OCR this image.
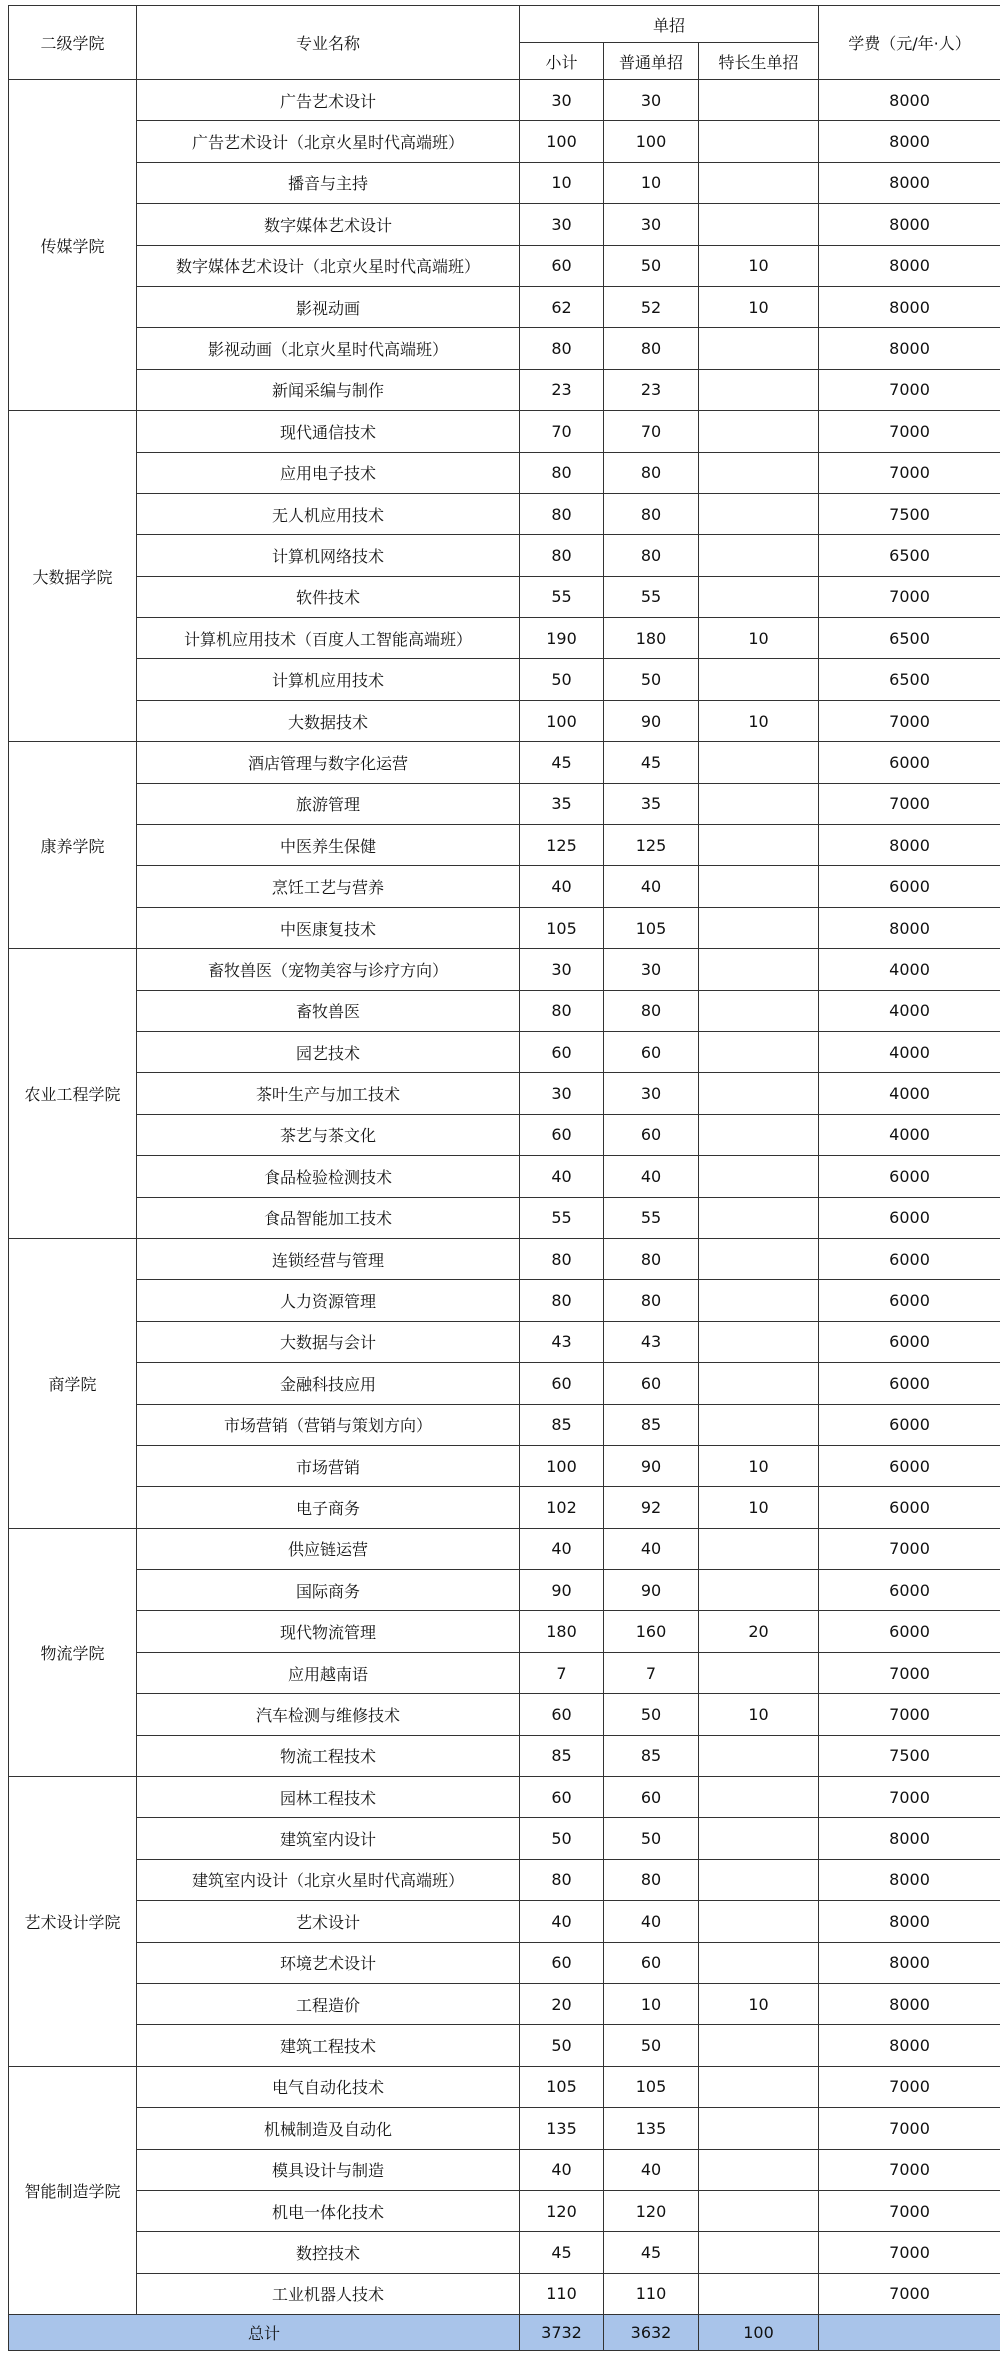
二级学院	专业名称	单招			学费（元/年·人）
		小计	普通单招	特长生单招	
传媒学院	广告艺术设计	30	30		8000
	广告艺术设计（北京火星时代高端班）	100	100		8000
	播音与主持	10	10		8000
	数字媒体艺术设计	30	30		8000
	数字媒体艺术设计（北京火星时代高端班）	60	50	10	8000
	影视动画	62	52	10	8000
	影视动画（北京火星时代高端班）	80	80		8000
	新闻采编与制作	23	23		7000
大数据学院	现代通信技术	70	70		7000
	应用电子技术	80	80		7000
	无人机应用技术	80	80		7500
	计算机网络技术	80	80		6500
	软件技术	55	55		7000
	计算机应用技术（百度人工智能高端班）	190	180	10	6500
	计算机应用技术	50	50		6500
	大数据技术	100	90	10	7000
康养学院	酒店管理与数字化运营	45	45		6000
	旅游管理	35	35		7000
	中医养生保健	125	125		8000
	烹饪工艺与营养	40	40		6000
	中医康复技术	105	105		8000
农业工程学院	畜牧兽医（宠物美容与诊疗方向）	30	30		4000
	畜牧兽医	80	80		4000
	园艺技术	60	60		4000
	茶叶生产与加工技术	30	30		4000
	茶艺与茶文化	60	60		4000
	食品检验检测技术	40	40		6000
	食品智能加工技术	55	55		6000
商学院	连锁经营与管理	80	80		6000
	人力资源管理	80	80		6000
	大数据与会计	43	43		6000
	金融科技应用	60	60		6000
	市场营销（营销与策划方向）	85	85		6000
	市场营销	100	90	10	6000
	电子商务	102	92	10	6000
物流学院	供应链运营	40	40		7000
	国际商务	90	90		6000
	现代物流管理	180	160	20	6000
	应用越南语	7	7		7000
	汽车检测与维修技术	60	50	10	7000
	物流工程技术	85	85		7500
艺术设计学院	园林工程技术	60	60		7000
	建筑室内设计	50	50		8000
	建筑室内设计（北京火星时代高端班）	80	80		8000
	艺术设计	40	40		8000
	环境艺术设计	60	60		8000
	工程造价	20	10	10	8000
	建筑工程技术	50	50		8000
智能制造学院	电气自动化技术	105	105		7000
	机械制造及自动化	135	135		7000
	模具设计与制造	40	40		7000
	机电一体化技术	120	120		7000
	数控技术	45	45		7000
	工业机器人技术	110	110		7000
总计		3732	3632	100	
